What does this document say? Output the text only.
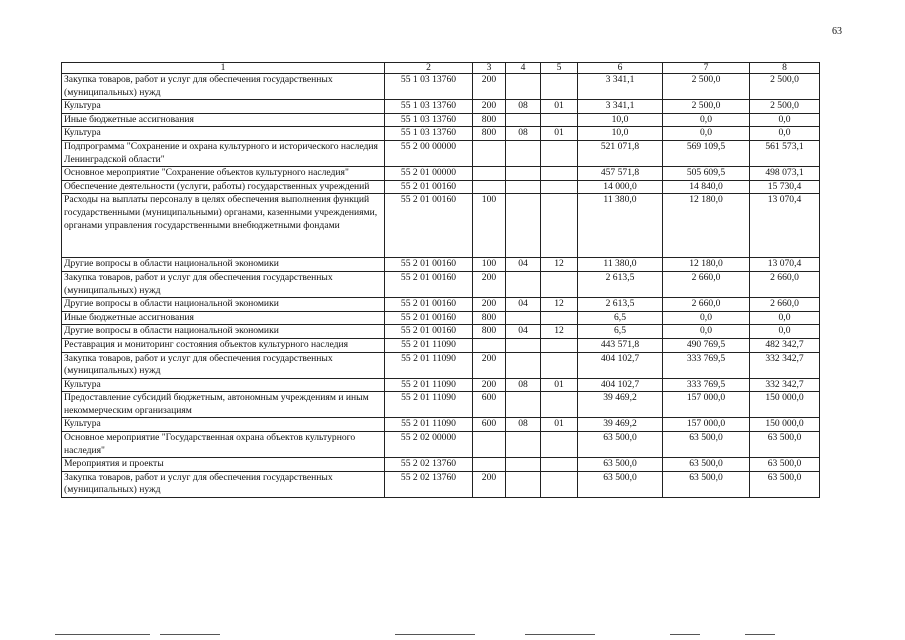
63
1	2	3	4	5	6	7	8
Закупка товаров, работ и услуг для обеспечения государственных (муниципальных) нужд	55 1 03 13760	200			3 341,1	2 500,0	2 500,0
Культура	55 1 03 13760	200	08	01	3 341,1	2 500,0	2 500,0
Иные бюджетные ассигнования	55 1 03 13760	800			10,0	0,0	0,0
Культура	55 1 03 13760	800	08	01	10,0	0,0	0,0
Подпрограмма "Сохранение и охрана культурного и исторического наследия Ленинградской области"	55 2 00 00000				521 071,8	569 109,5	561 573,1
Основное мероприятие "Сохранение объектов культурного наследия"	55 2 01 00000				457 571,8	505 609,5	498 073,1
Обеспечение деятельности (услуги, работы) государственных учреждений	55 2 01 00160				14 000,0	14 840,0	15 730,4
Расходы на выплаты персоналу в целях обеспечения выполнения функций государственными (муниципальными) органами, казенными учреждениями, органами управления государственными внебюджетными фондами	55 2 01 00160	100			11 380,0	12 180,0	13 070,4
Другие вопросы в области национальной экономики	55 2 01 00160	100	04	12	11 380,0	12 180,0	13 070,4
Закупка товаров, работ и услуг для обеспечения государственных (муниципальных) нужд	55 2 01 00160	200			2 613,5	2 660,0	2 660,0
Другие вопросы в области национальной экономики	55 2 01 00160	200	04	12	2 613,5	2 660,0	2 660,0
Иные бюджетные ассигнования	55 2 01 00160	800			6,5	0,0	0,0
Другие вопросы в области национальной экономики	55 2 01 00160	800	04	12	6,5	0,0	0,0
Реставрация и мониторинг состояния объектов культурного наследия	55 2 01 11090				443 571,8	490 769,5	482 342,7
Закупка товаров, работ и услуг для обеспечения государственных (муниципальных) нужд	55 2 01 11090	200			404 102,7	333 769,5	332 342,7
Культура	55 2 01 11090	200	08	01	404 102,7	333 769,5	332 342,7
Предоставление субсидий бюджетным, автономным учреждениям и иным некоммерческим организациям	55 2 01 11090	600			39 469,2	157 000,0	150 000,0
Культура	55 2 01 11090	600	08	01	39 469,2	157 000,0	150 000,0
Основное мероприятие "Государственная охрана объектов культурного наследия"	55 2 02 00000				63 500,0	63 500,0	63 500,0
Мероприятия и проекты	55 2 02 13760				63 500,0	63 500,0	63 500,0
Закупка товаров, работ и услуг для обеспечения государственных (муниципальных) нужд	55 2 02 13760	200			63 500,0	63 500,0	63 500,0
